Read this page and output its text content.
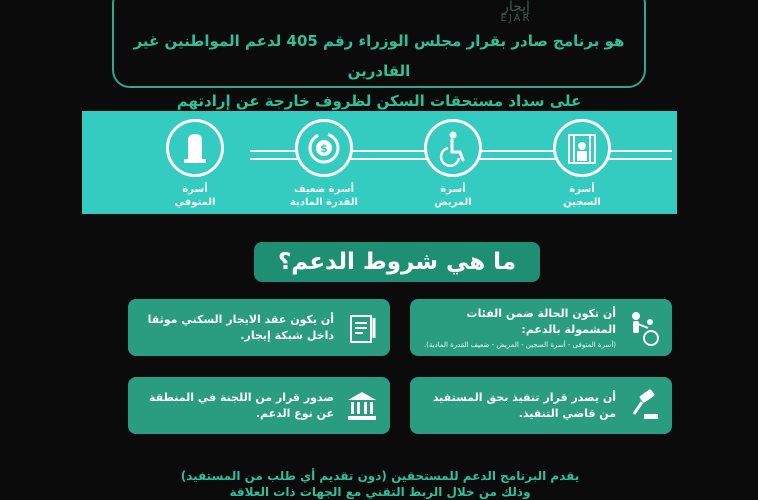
إيجار
EJAR
هو برنامج صادر بقرار مجلس الوزراء رقم 405 لدعم المواطنين غير القادرين
على سداد مستحقات السكن لظروف خارجة عن إرادتهم
أسرة
السجين
أسرة
المريض
$
أسرة ضعيف
القدرة المادية
أسرة
المتوفي
ما هي شروط الدعم؟
أن تكون الحالة ضمن الفئات المشمولة بالدعم:
(أسرة المتوفى - أسرة السجين - المريض - ضعيف القدرة المادية).
أن يكون عقد الايجار السكني موثقا داخل شبكة إيجار.
أن يصدر قرار تنفيذ بحق المستفيد من قاضي التنفيذ.
صدور قرار من اللجنة في المنطقة عن نوع الدعم.
يقدم البرنامج الدعم للمستحقين (دون تقديم أي طلب من المستفيد)
وذلك من خلال الربط التقني مع الجهات ذات العلاقة
